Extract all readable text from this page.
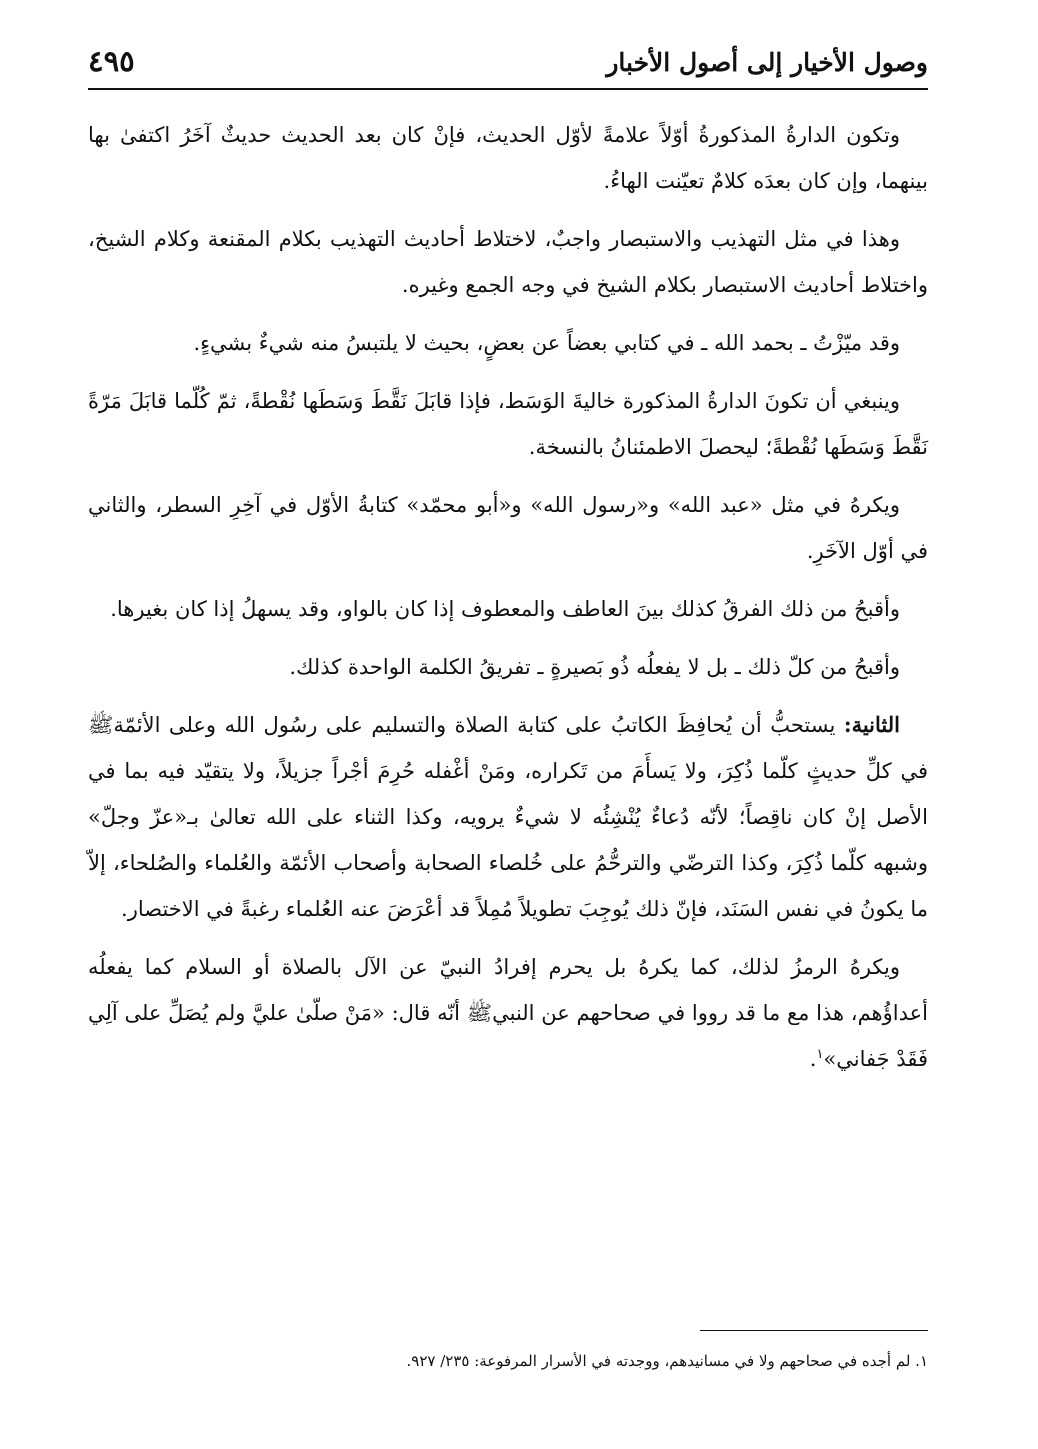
وصول الأخيار إلى أصول الأخبار
٤٩٥

وتكون الدارةُ المذكورةُ أوّلاً علامةً لأوّل الحديث، فإنْ كان بعد الحديث حديثٌ آخَرُ اكتفىٰ بها بينهما، وإن كان بعدَه كلامٌ تعيّنت الهاءُ.

وهذا في مثل التهذيب والاستبصار واجبٌ، لاختلاط أحاديث التهذيب بكلام المقنعة وكلام الشيخ، واختلاط أحاديث الاستبصار بكلام الشيخ في وجه الجمع وغيره.

وقد ميّزْتُ ـ بحمد الله ـ في كتابي بعضاً عن بعضٍ، بحيث لا يلتبسُ منه شيءٌ بشيءٍ.

وينبغي أن تكونَ الدارةُ المذكورة خاليةَ الوَسَط، فإذا قابَلَ نَقَّطَ وَسَطَها نُقْطةً، ثمّ كُلّما قابَلَ مَرّةً نَقَّطَ وَسَطَها نُقْطةً؛ ليحصلَ الاطمئنانُ بالنسخة.

ويكرهُ في مثل «عبد الله» و«رسول الله» و«أبو محمّد» كتابةُ الأوّل في آخِرِ السطر، والثاني في أوّل الآخَرِ.

وأقبحُ من ذلك الفرقُ كذلك بينَ العاطف والمعطوف إذا كان بالواو، وقد يسهلُ إذا كان بغيرها.

وأقبحُ من كلّ ذلك ـ بل لا يفعلُه ذُو بَصيرةٍ ـ تفريقُ الكلمة الواحدة كذلك.

الثانية: يستحبُّ أن يُحافِظَ الكاتبُ على كتابة الصلاة والتسليم على رسُول الله وعلى الأئمّةﷺ في كلِّ حديثٍ كلّما ذُكِرَ، ولا يَسأَمَ من تَكراره، ومَنْ أغْفله حُرِمَ أجْراً جزيلاً، ولا يتقيّد فيه بما في الأصل إنْ كان ناقِصاً؛ لأنّه دُعاءٌ يُنْشِئُه لا شيءٌ يرويه، وكذا الثناء على الله تعالىٰ بـ«عزّ وجلّ» وشبهه كلّما ذُكِرَ، وكذا الترضّي والترحُّمُ على خُلصاء الصحابة وأصحاب الأئمّة والعُلماء والصُلحاء، إلاّ ما يكونُ في نفس السَنَد، فإنّ ذلك يُوجِبَ تطويلاً مُمِلاً قد أعْرَضَ عنه العُلماء رغبةً في الاختصار.

ويكرهُ الرمزُ لذلك، كما يكرهُ بل يحرم إفرادُ النبيّ عن الآل بالصلاة أو السلام كما يفعلُه أعداؤُهم، هذا مع ما قد رووا في صحاحهم عن النبيﷺ أنّه قال: «مَنْ صلّىٰ عليَّ ولم يُصَلِّ على آلِي فَقَدْ جَفاني»$^١$.

١. لم أجده في صحاحهم ولا في مسانيدهم، ووجدته في الأسرار المرفوعة: ٢٣٥/ ٩٢٧.
